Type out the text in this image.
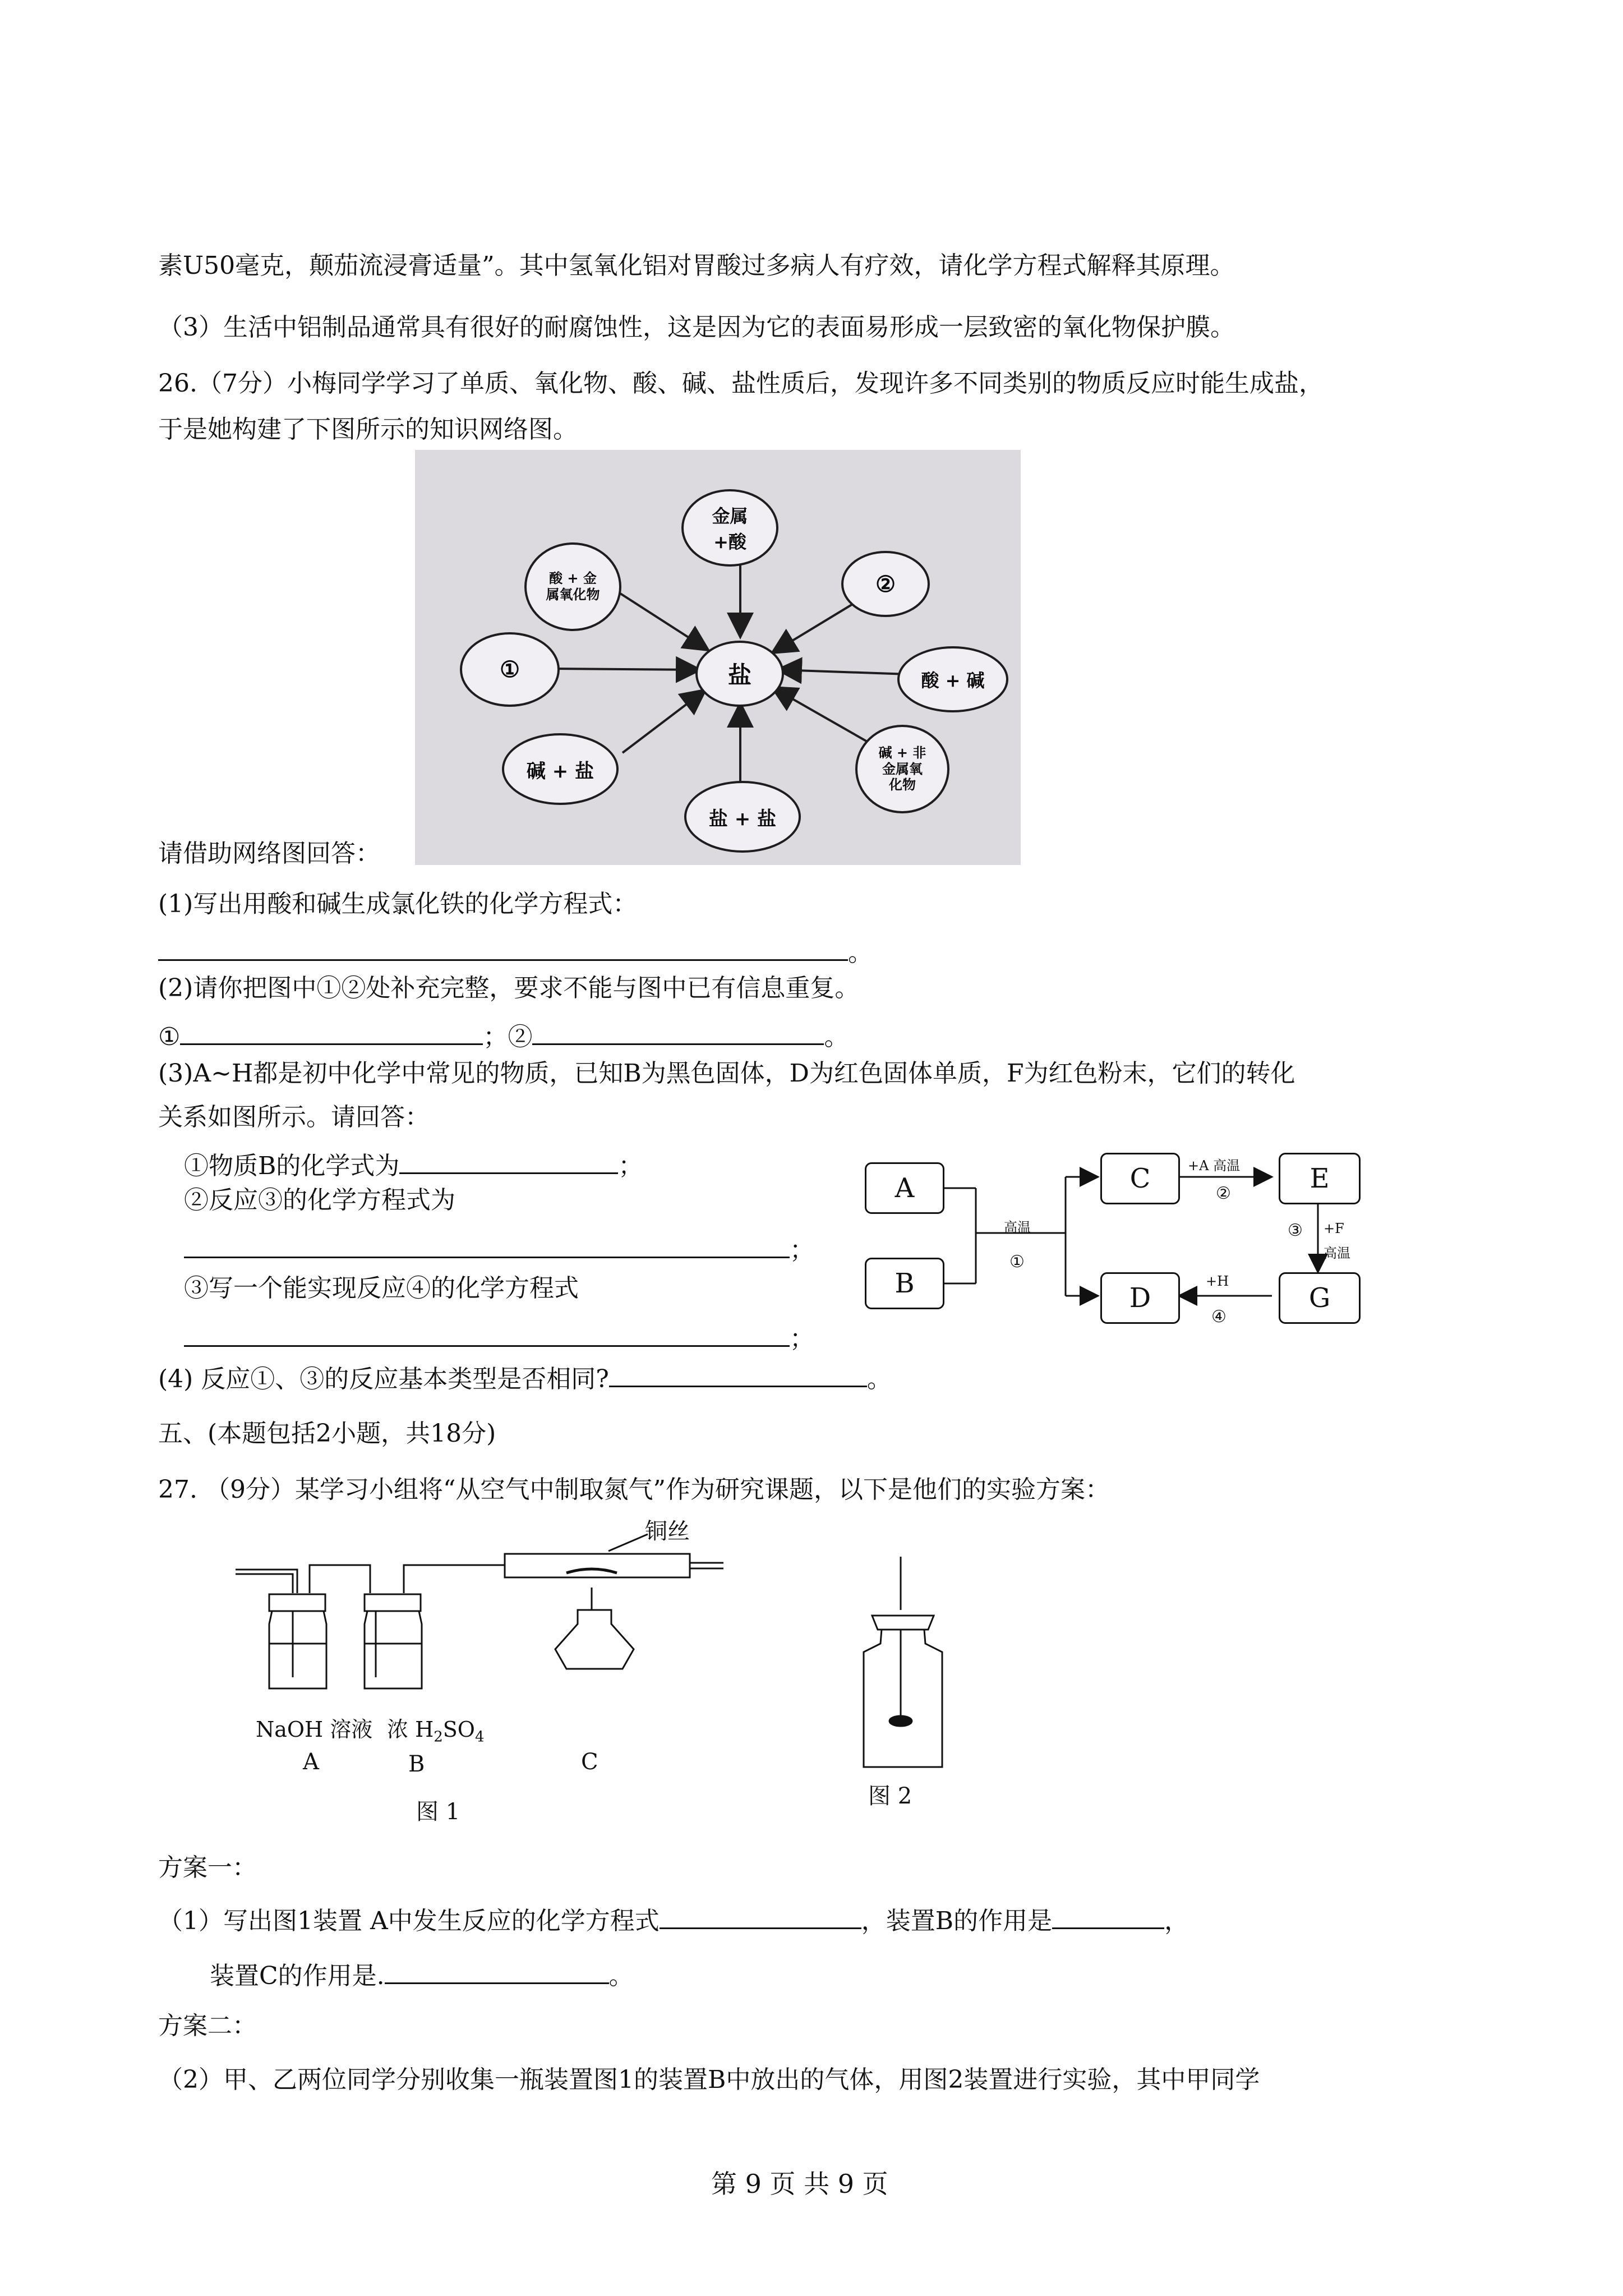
素U50毫克，颠茄流浸膏适量”。其中氢氧化铝对胃酸过多病人有疗效，请化学方程式解释其原理。
（3）生活中铝制品通常具有很好的耐腐蚀性，这是因为它的表面易形成一层致密的氧化物保护膜。
26.（7分）小梅同学学习了单质、氧化物、酸、碱、盐性质后，发现许多不同类别的物质反应时能生成盐，
于是她构建了下图所示的知识网络图。
盐
金属
+酸
②
酸 + 碱
碱 + 非
金属氧
化物
盐 + 盐
碱 + 盐
①
酸 + 金
属氧化物
请借助网络图回答：
(1)写出用酸和碱生成氯化铁的化学方程式：
。
(2)请你把图中①②处补充完整，要求不能与图中已有信息重复。
①	；②	。
(3)A~H都是初中化学中常见的物质，已知B为黑色固体，D为红色固体单质，F为红色粉末，它们的转化
关系如图所示。请回答：
①物质B的化学式为	；
②反应③的化学方程式为
；
③写一个能实现反应④的化学方程式
；
(4) 反应①、③的反应基本类型是否相同?	。
A
B
C	E
D	G
高温
①
+A 高温
②
③ +F
高温
+H
④
五、(本题包括2小题，共18分)
27. （9分）某学习小组将“从空气中制取氮气”作为研究课题，以下是他们的实验方案：
铜丝
NaOH 溶液 浓 $H_2SO_4$
A	B	C
图 1
图 2
方案一：
（1）写出图1装置 A中发生反应的化学方程式	，装置B的作用是	，
装置C的作用是.	。
方案二：
（2）甲、乙两位同学分别收集一瓶装置图1的装置B中放出的气体，用图2装置进行实验，其中甲同学
第 9 页 共 9 页
